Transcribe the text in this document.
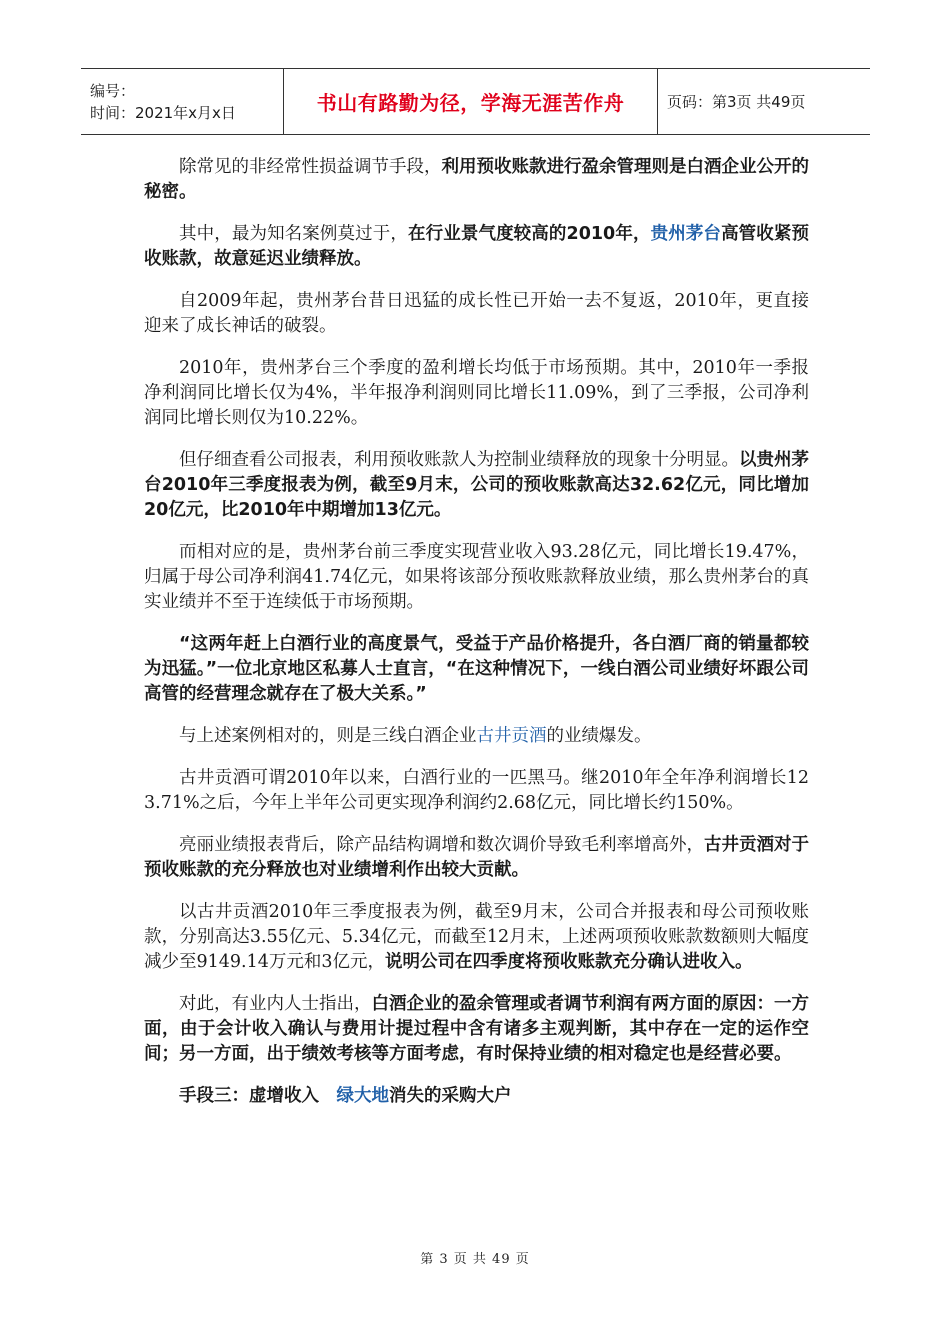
编号：
时间：2021年x月x日	书山有路勤为径，学海无涯苦作舟	页码：第3页 共49页

除常见的非经常性损益调节手段，利用预收账款进行盈余管理则是白酒企业公开的秘密。

其中，最为知名案例莫过于，在行业景气度较高的2010年，贵州茅台高管收紧预收账款，故意延迟业绩释放。

自2009年起，贵州茅台昔日迅猛的成长性已开始一去不复返，2010年，更直接迎来了成长神话的破裂。

2010年，贵州茅台三个季度的盈利增长均低于市场预期。其中，2010年一季报净利润同比增长仅为4%，半年报净利润则同比增长11.09%，到了三季报，公司净利润同比增长则仅为10.22%。

但仔细查看公司报表，利用预收账款人为控制业绩释放的现象十分明显。以贵州茅台2010年三季度报表为例，截至9月末，公司的预收账款高达32.62亿元，同比增加20亿元，比2010年中期增加13亿元。

而相对应的是，贵州茅台前三季度实现营业收入93.28亿元，同比增长19.47%，归属于母公司净利润41.74亿元，如果将该部分预收账款释放业绩，那么贵州茅台的真实业绩并不至于连续低于市场预期。

“这两年赶上白酒行业的高度景气，受益于产品价格提升，各白酒厂商的销量都较为迅猛。”一位北京地区私募人士直言，“在这种情况下，一线白酒公司业绩好坏跟公司高管的经营理念就存在了极大关系。”

与上述案例相对的，则是三线白酒企业古井贡酒的业绩爆发。

古井贡酒可谓2010年以来，白酒行业的一匹黑马。继2010年全年净利润增长123.71%之后，今年上半年公司更实现净利润约2.68亿元，同比增长约150%。

亮丽业绩报表背后，除产品结构调增和数次调价导致毛利率增高外，古井贡酒对于预收账款的充分释放也对业绩增利作出较大贡献。

以古井贡酒2010年三季度报表为例，截至9月末，公司合并报表和母公司预收账款，分别高达3.55亿元、5.34亿元，而截至12月末，上述两项预收账款数额则大幅度减少至9149.14万元和3亿元，说明公司在四季度将预收账款充分确认进收入。

对此，有业内人士指出，白酒企业的盈余管理或者调节利润有两方面的原因：一方面，由于会计收入确认与费用计提过程中含有诸多主观判断，其中存在一定的运作空间；另一方面，出于绩效考核等方面考虑，有时保持业绩的相对稳定也是经营必要。

手段三：虚增收入　绿大地消失的采购大户

第 3 页 共 49 页
